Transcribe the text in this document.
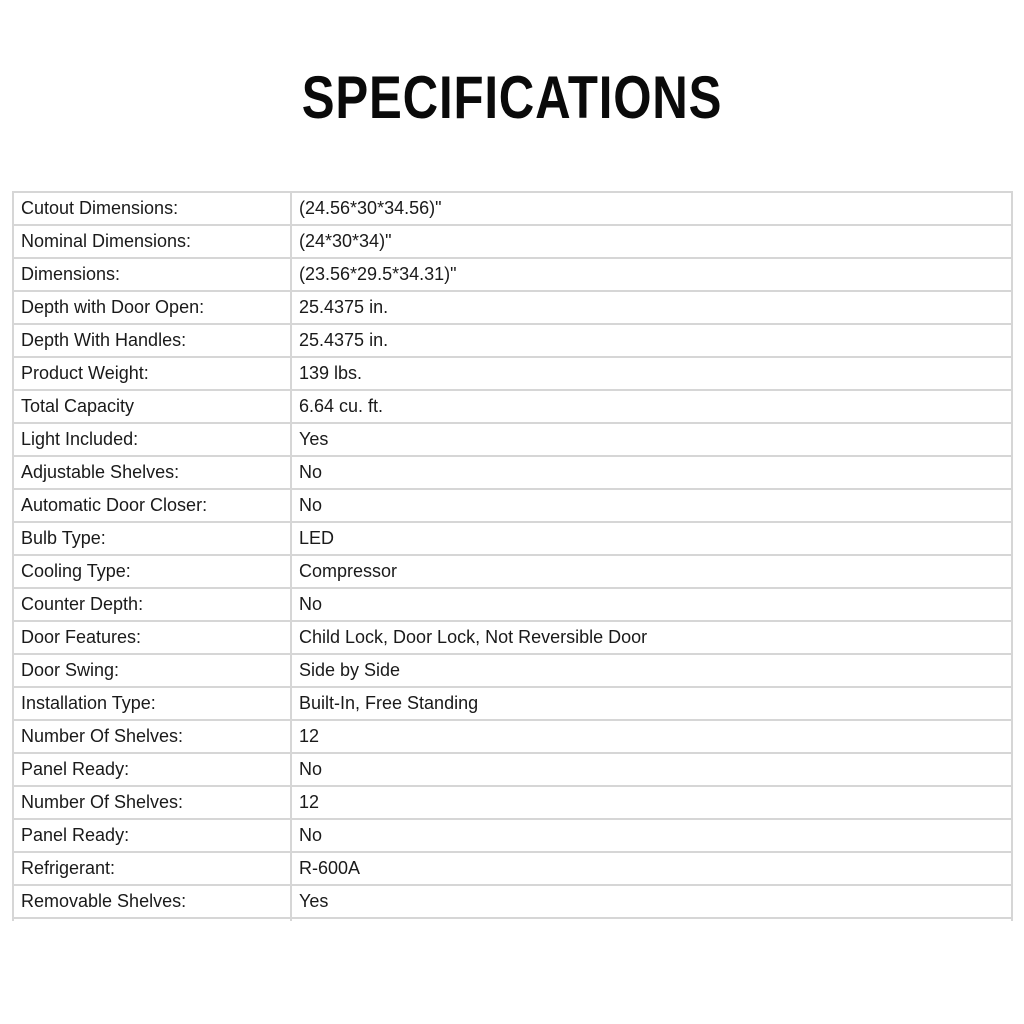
SPECIFICATIONS
Cutout Dimensions:	(24.56*30*34.56)"
Nominal Dimensions:	(24*30*34)"
Dimensions:	(23.56*29.5*34.31)"
Depth with Door Open:	25.4375 in.
Depth With Handles:	25.4375 in.
Product Weight:	139 lbs.
Total Capacity	6.64 cu. ft.
Light Included:	Yes
Adjustable Shelves:	No
Automatic Door Closer:	No
Bulb Type:	LED
Cooling Type:	Compressor
Counter Depth:	No
Door Features:	Child Lock, Door Lock, Not Reversible Door
Door Swing:	Side by Side
Installation Type:	Built-In, Free Standing
Number Of Shelves:	12
Panel Ready:	No
Number Of Shelves:	12
Panel Ready:	No
Refrigerant:	R-600A
Removable Shelves:	Yes
